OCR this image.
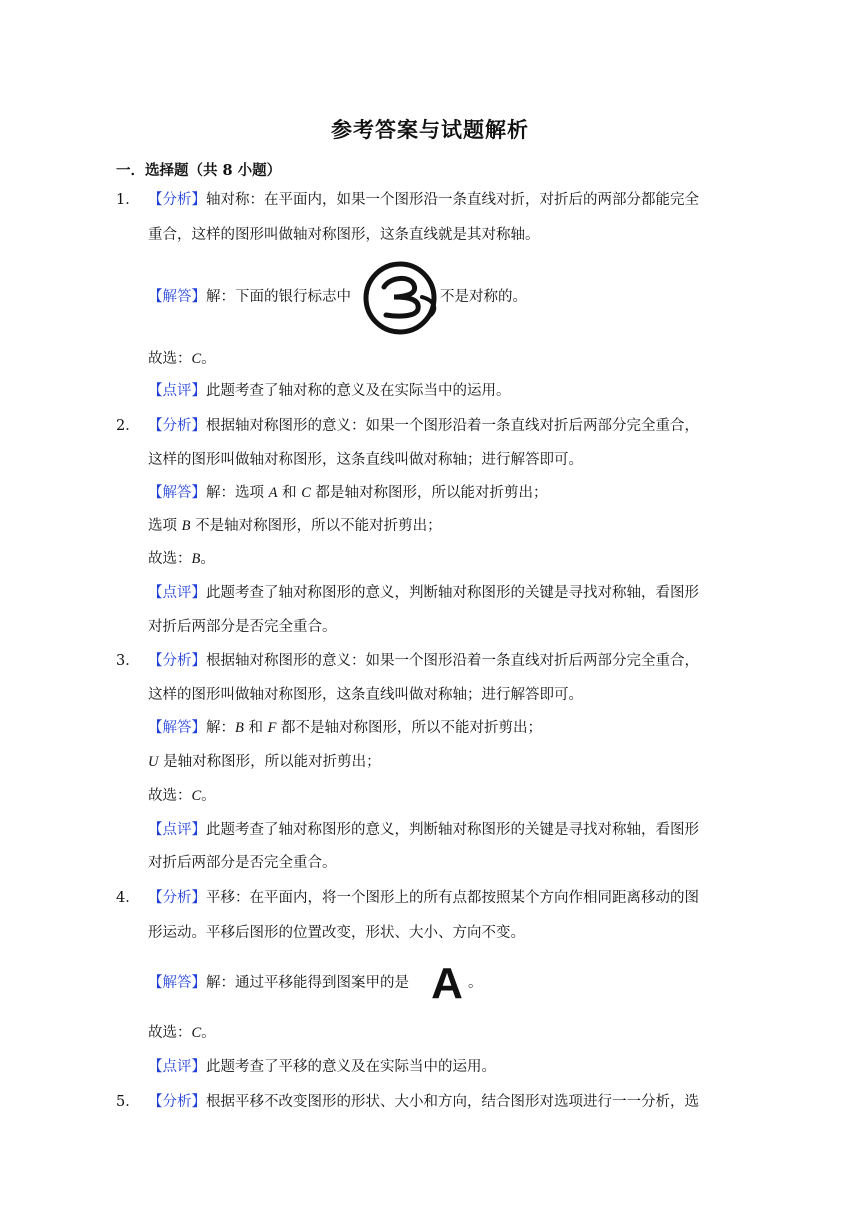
参考答案与试题解析
一．选择题（共 8 小题）
1． 【分析】轴对称：在平面内，如果一个图形沿一条直线对折，对折后的两部分都能完全
重合，这样的图形叫做轴对称图形，这条直线就是其对称轴。
【解答】解：下面的银行标志中	不是对称的。
故选：C。
【点评】此题考查了轴对称的意义及在实际当中的运用。
2． 【分析】根据轴对称图形的意义：如果一个图形沿着一条直线对折后两部分完全重合，
这样的图形叫做轴对称图形，这条直线叫做对称轴；进行解答即可。
【解答】解：选项 A 和 C 都是轴对称图形，所以能对折剪出；
选项 B 不是轴对称图形，所以不能对折剪出；
故选：B。
【点评】此题考查了轴对称图形的意义，判断轴对称图形的关键是寻找对称轴，看图形
对折后两部分是否完全重合。
3． 【分析】根据轴对称图形的意义：如果一个图形沿着一条直线对折后两部分完全重合，
这样的图形叫做轴对称图形，这条直线叫做对称轴；进行解答即可。
【解答】解：B 和 F 都不是轴对称图形，所以不能对折剪出；
U 是轴对称图形，所以能对折剪出；
故选：C。
【点评】此题考查了轴对称图形的意义，判断轴对称图形的关键是寻找对称轴，看图形
对折后两部分是否完全重合。
4． 【分析】平移：在平面内，将一个图形上的所有点都按照某个方向作相同距离移动的图
形运动。平移后图形的位置改变，形状、大小、方向不变。
【解答】解：通过平移能得到图案甲的是 A 。
故选：C。
【点评】此题考查了平移的意义及在实际当中的运用。
5． 【分析】根据平移不改变图形的形状、大小和方向，结合图形对选项进行一一分析，选
